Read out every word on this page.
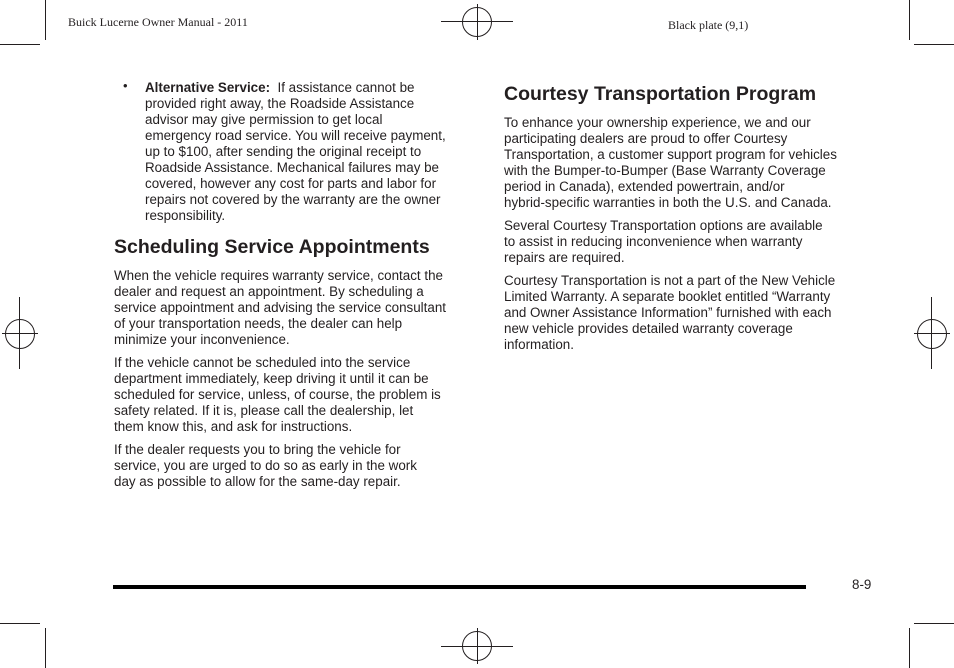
Buick Lucerne Owner Manual - 2011	Black plate (9,1)
• Alternative Service: If assistance cannot be
provided right away, the Roadside Assistance
advisor may give permission to get local
emergency road service. You will receive payment,
up to $100, after sending the original receipt to
Roadside Assistance. Mechanical failures may be
covered, however any cost for parts and labor for
repairs not covered by the warranty are the owner
responsibility.
Scheduling Service Appointments

When the vehicle requires warranty service, contact the
dealer and request an appointment. By scheduling a
service appointment and advising the service consultant
of your transportation needs, the dealer can help
minimize your inconvenience.

If the vehicle cannot be scheduled into the service
department immediately, keep driving it until it can be
scheduled for service, unless, of course, the problem is
safety related. If it is, please call the dealership, let
them know this, and ask for instructions.

If the dealer requests you to bring the vehicle for
service, you are urged to do so as early in the work
day as possible to allow for the same-day repair.

Courtesy Transportation Program

To enhance your ownership experience, we and our
participating dealers are proud to offer Courtesy
Transportation, a customer support program for vehicles
with the Bumper-to-Bumper (Base Warranty Coverage
period in Canada), extended powertrain, and/or
hybrid-specific warranties in both the U.S. and Canada.

Several Courtesy Transportation options are available
to assist in reducing inconvenience when warranty
repairs are required.

Courtesy Transportation is not a part of the New Vehicle
Limited Warranty. A separate booklet entitled “Warranty
and Owner Assistance Information” furnished with each
new vehicle provides detailed warranty coverage
information.

8-9
